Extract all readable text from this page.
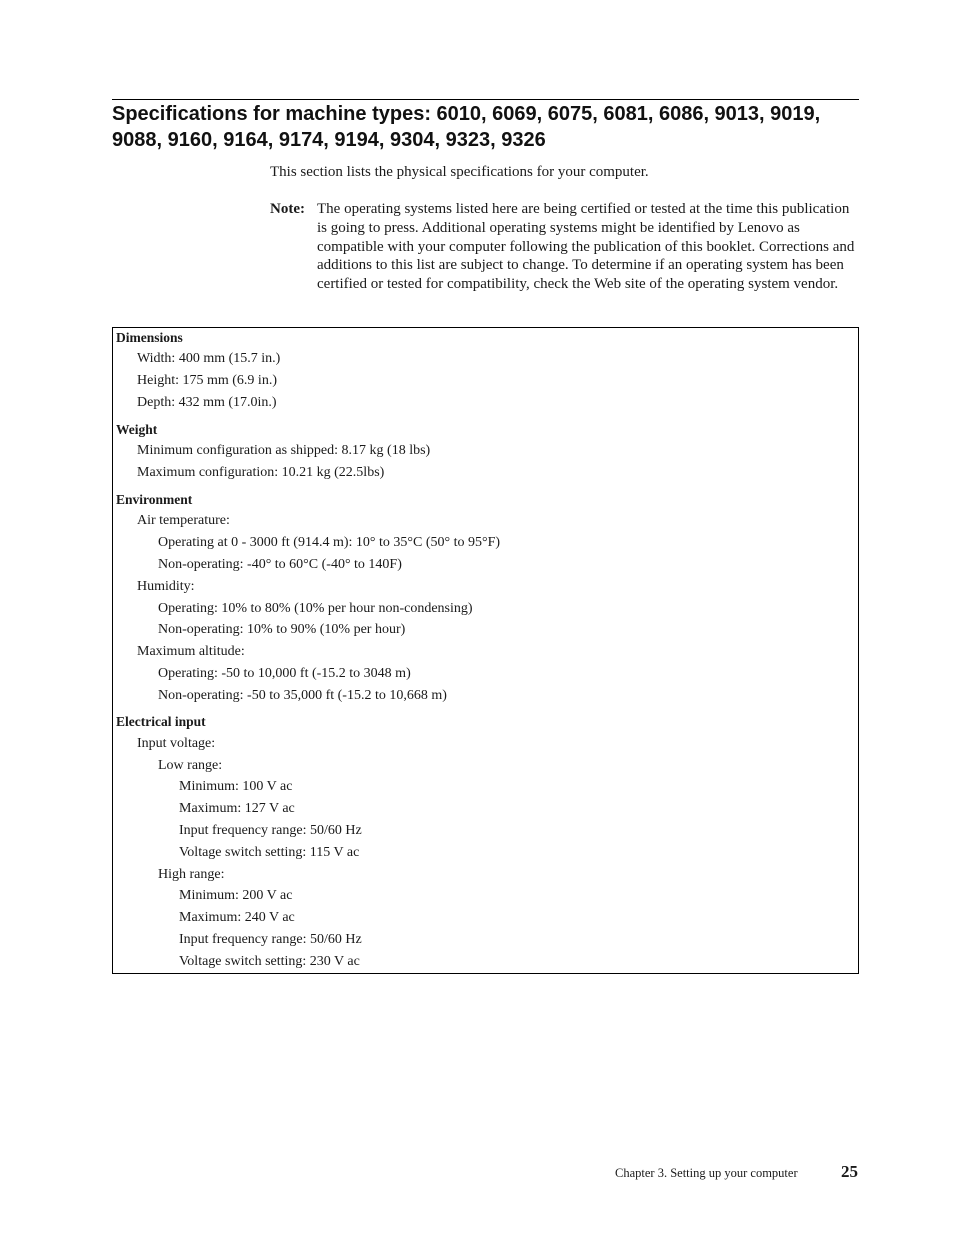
Specifications for machine types: 6010, 6069, 6075, 6081, 6086, 9013, 9019, 9088, 9160, 9164, 9174, 9194, 9304, 9323, 9326

This section lists the physical specifications for your computer.

Note: The operating systems listed here are being certified or tested at the time this publication is going to press. Additional operating systems might be identified by Lenovo as compatible with your computer following the publication of this booklet. Corrections and additions to this list are subject to change. To determine if an operating system has been certified or tested for compatibility, check the Web site of the operating system vendor.
Dimensions
Width: 400 mm (15.7 in.)
Height: 175 mm (6.9 in.)
Depth: 432 mm (17.0in.)
Weight
Minimum configuration as shipped: 8.17 kg (18 lbs)
Maximum configuration: 10.21 kg (22.5lbs)
Environment
Air temperature:
Operating at 0 - 3000 ft (914.4 m): 10° to 35°C (50° to 95°F)
Non-operating: -40° to 60°C (-40° to 140F)
Humidity:
Operating: 10% to 80% (10% per hour non-condensing)
Non-operating: 10% to 90% (10% per hour)
Maximum altitude:
Operating: -50 to 10,000 ft (-15.2 to 3048 m)
Non-operating: -50 to 35,000 ft (-15.2 to 10,668 m)
Electrical input
Input voltage:
Low range:
Minimum: 100 V ac
Maximum: 127 V ac
Input frequency range: 50/60 Hz
Voltage switch setting: 115 V ac
High range:
Minimum: 200 V ac
Maximum: 240 V ac
Input frequency range: 50/60 Hz
Voltage switch setting: 230 V ac
Chapter 3. Setting up your computer	25
